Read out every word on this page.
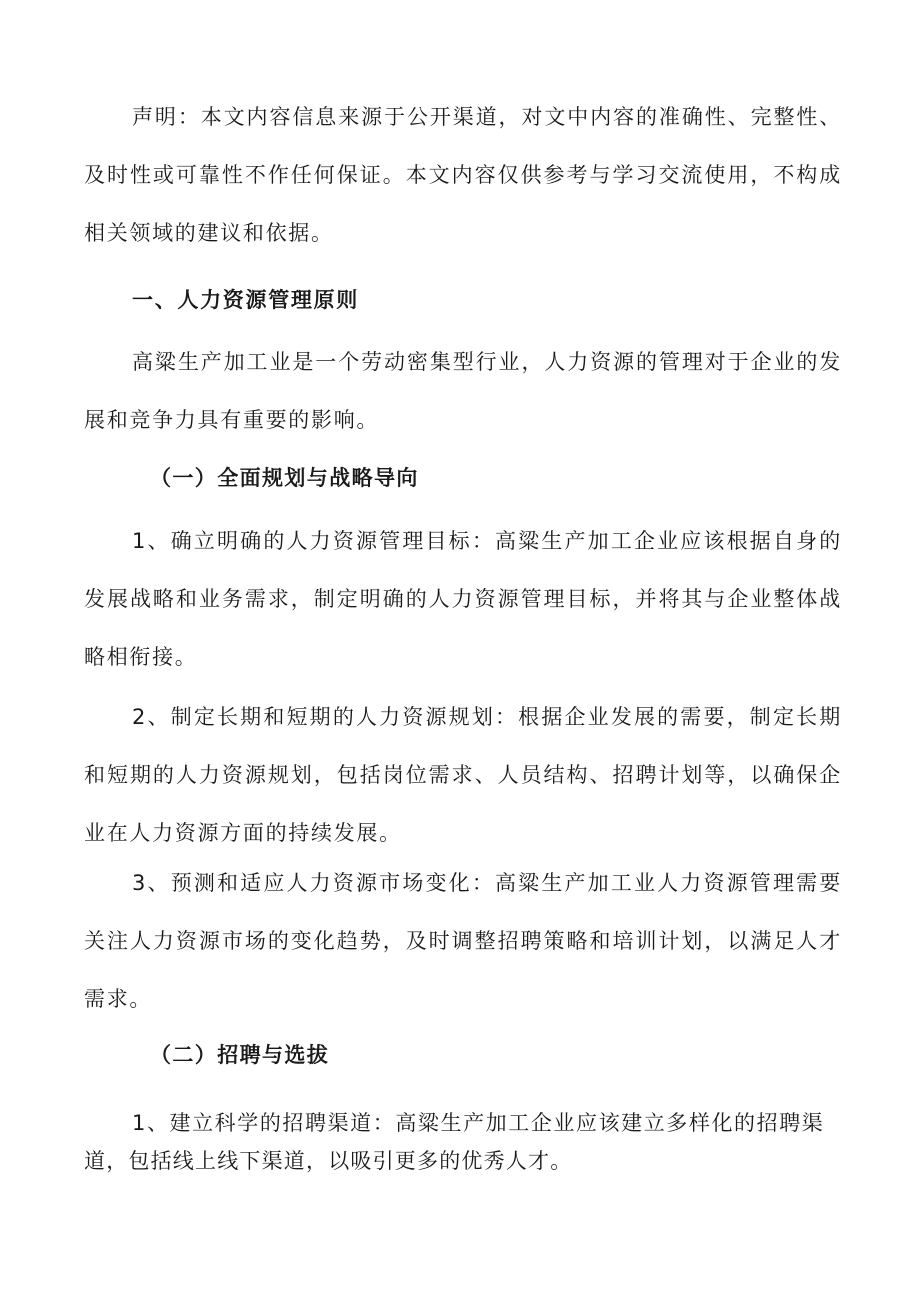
声明：本文内容信息来源于公开渠道，对文中内容的准确性、完整性、及时性或可靠性不作任何保证。本文内容仅供参考与学习交流使用，不构成相关领域的建议和依据。

一、人力资源管理原则

高粱生产加工业是一个劳动密集型行业，人力资源的管理对于企业的发展和竞争力具有重要的影响。

（一）全面规划与战略导向

1、确立明确的人力资源管理目标：高粱生产加工企业应该根据自身的发展战略和业务需求，制定明确的人力资源管理目标，并将其与企业整体战略相衔接。

2、制定长期和短期的人力资源规划：根据企业发展的需要，制定长期和短期的人力资源规划，包括岗位需求、人员结构、招聘计划等，以确保企业在人力资源方面的持续发展。

3、预测和适应人力资源市场变化：高粱生产加工业人力资源管理需要关注人力资源市场的变化趋势，及时调整招聘策略和培训计划，以满足人才需求。

（二）招聘与选拔

1、建立科学的招聘渠道：高粱生产加工企业应该建立多样化的招聘渠道，包括线上线下渠道，以吸引更多的优秀人才。
